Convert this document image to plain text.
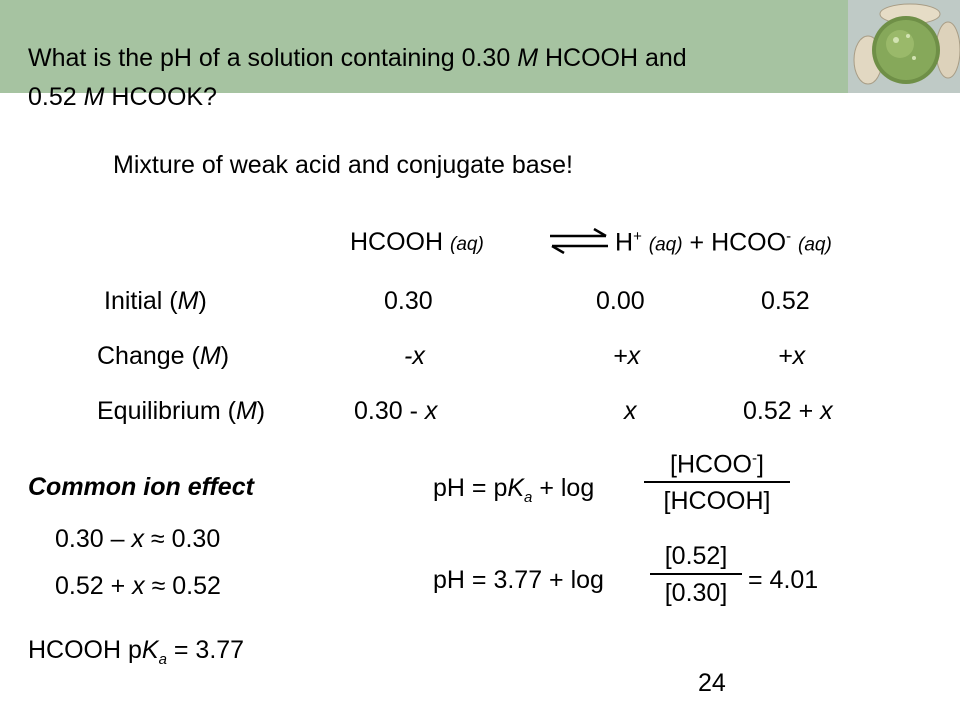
What is the pH of a solution containing 0.30 M HCOOH and
0.52 M HCOOK?
Mixture of weak acid and conjugate base!
HCOOH (aq)	⇌ H+ (aq) + HCOO- (aq)
Initial (M)	0.30	0.00	0.52
Change (M)	-x	+x	+x
Equilibrium (M)	0.30 - x	x	0.52 + x
Common ion effect
0.30 – x ≈ 0.30
0.52 + x ≈ 0.52
HCOOH $pK_a = 3.77$
pH = $pK_a + \log$
[HCOO-]
[HCOOH]
pH = $3.77 + \log \frac{[0.52]}{[0.30]} = 4.01$
24
